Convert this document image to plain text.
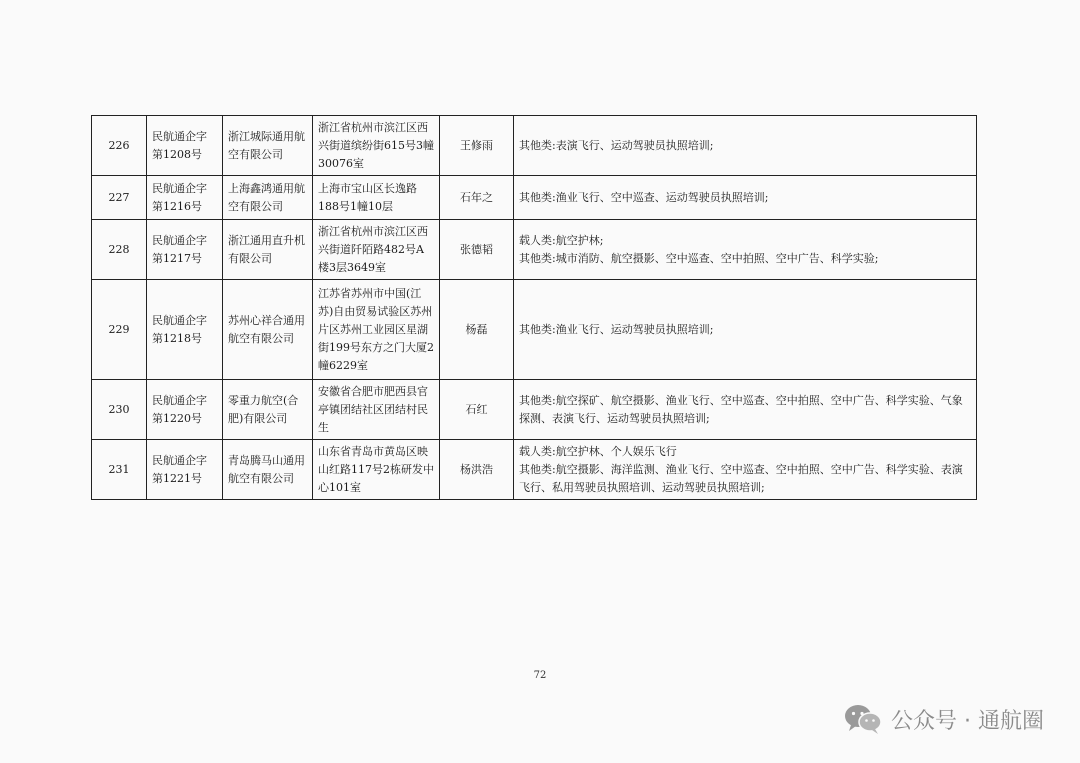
226	民航通企字第1208号	浙江城际通用航空有限公司	浙江省杭州市滨江区西兴街道缤纷街615号3幢30076室	王修雨	其他类:表演飞行、运动驾驶员执照培训;

227	民航通企字第1216号	上海鑫鸿通用航空有限公司	上海市宝山区长逸路188号1幢10层	石年之	其他类:渔业飞行、空中巡查、运动驾驶员执照培训;

228	民航通企字第1217号	浙江通用直升机有限公司	浙江省杭州市滨江区西兴街道阡陌路482号A楼3层3649室	张德韬	载人类:航空护林;
其他类:城市消防、航空摄影、空中巡查、空中拍照、空中广告、科学实验;

229	民航通企字第1218号	苏州心祥合通用航空有限公司	江苏省苏州市中国(江苏)自由贸易试验区苏州片区苏州工业园区星湖街199号东方之门大厦2幢6229室	杨磊	其他类:渔业飞行、运动驾驶员执照培训;

230	民航通企字第1220号	零重力航空(合肥)有限公司	安徽省合肥市肥西县官亭镇团结社区团结村民生	石红	其他类:航空探矿、航空摄影、渔业飞行、空中巡查、空中拍照、空中广告、科学实验、气象探测、表演飞行、运动驾驶员执照培训;

231	民航通企字第1221号	青岛腾马山通用航空有限公司	山东省青岛市黄岛区映山红路117号2栋研发中心101室	杨洪浩	载人类:航空护林、个人娱乐飞行
其他类:航空摄影、海洋监测、渔业飞行、空中巡查、空中拍照、空中广告、科学实验、表演飞行、私用驾驶员执照培训、运动驾驶员执照培训;
72
公众号 · 通航圈
